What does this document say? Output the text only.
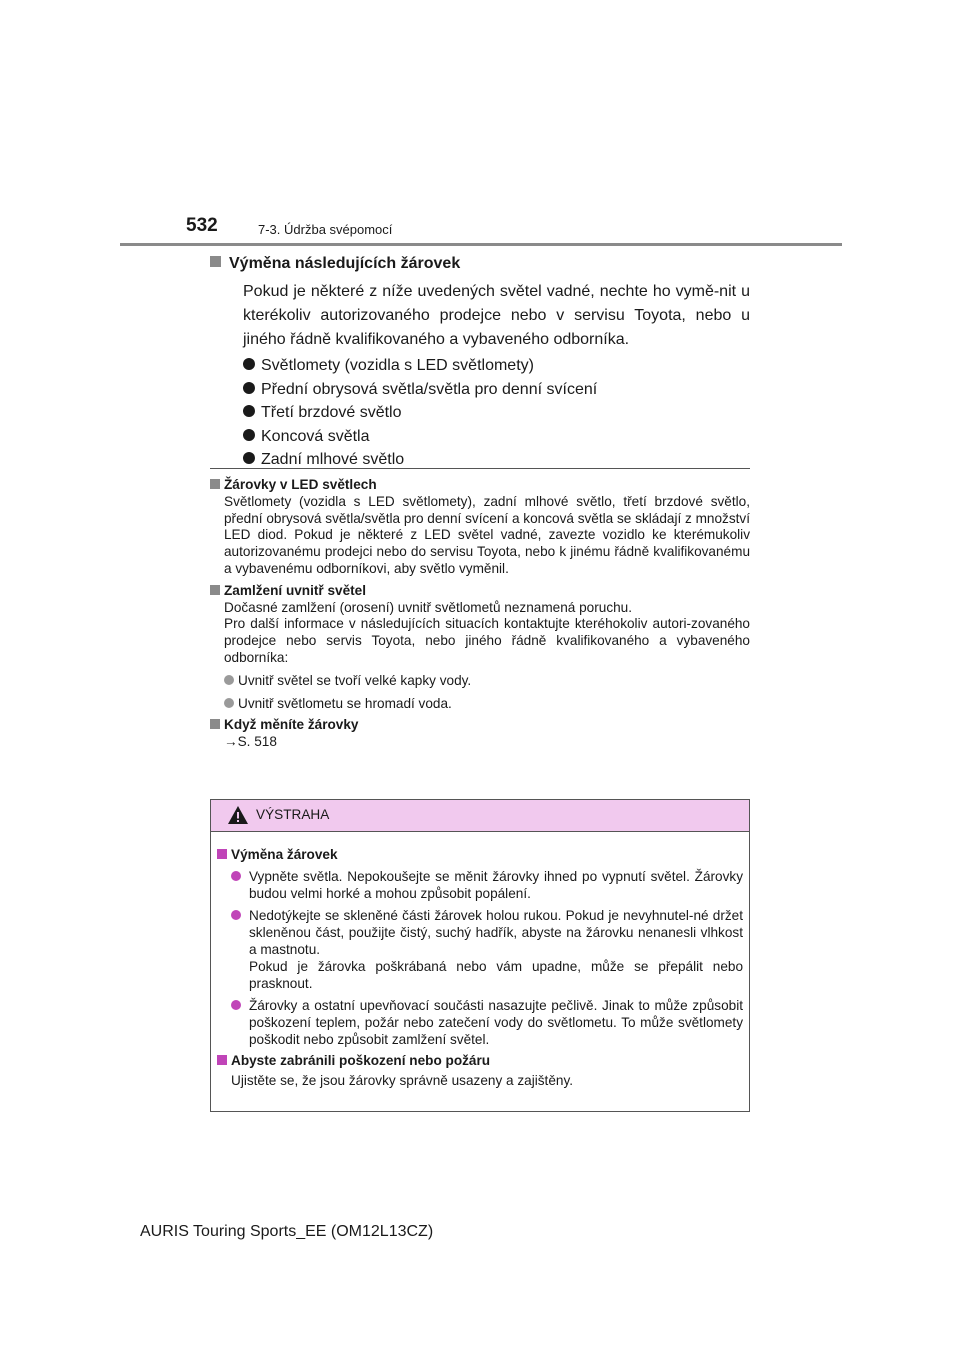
532	7-3. Údržba svépomocí
Výměna následujících žárovek
Pokud je některé z níže uvedených světel vadné, nechte ho vymě-nit u kterékoliv autorizovaného prodejce nebo v servisu Toyota, nebo u jiného řádně kvalifikovaného a vybaveného odborníka.
Světlomety (vozidla s LED světlomety)
Přední obrysová světla/světla pro denní svícení
Třetí brzdové světlo
Koncová světla
Zadní mlhové světlo
Žárovky v LED světlech
Světlomety (vozidla s LED světlomety), zadní mlhové světlo, třetí brzdové světlo, přední obrysová světla/světla pro denní svícení a koncová světla se skládají z množství LED diod. Pokud je některé z LED světel vadné, zavezte vozidlo ke kterémukoliv autorizovanému prodejci nebo do servisu Toyota, nebo k jinému řádně kvalifikovanému a vybavenému odborníkovi, aby světlo vyměnil.
Zamlžení uvnitř světel
Dočasné zamlžení (orosení) uvnitř světlometů neznamená poruchu.
Pro další informace v následujících situacích kontaktujte kteréhokoliv autori-zovaného prodejce nebo servis Toyota, nebo jiného řádně kvalifikovaného a vybaveného odborníka:
Uvnitř světel se tvoří velké kapky vody.
Uvnitř světlometu se hromadí voda.
Když měníte žárovky
→S. 518
VÝSTRAHA
Výměna žárovek
Vypněte světla. Nepokoušejte se měnit žárovky ihned po vypnutí světel. Žárovky budou velmi horké a mohou způsobit popálení.
Nedotýkejte se skleněné části žárovek holou rukou. Pokud je nevyhnutel-né držet skleněnou část, použijte čistý, suchý hadřík, abyste na žárovku nenanesli vlhkost a mastnotu.
Pokud je žárovka poškrábaná nebo vám upadne, může se přepálit nebo prasknout.
Žárovky a ostatní upevňovací součásti nasazujte pečlivě. Jinak to může způsobit poškození teplem, požár nebo zatečení vody do světlometu. To může světlomety poškodit nebo způsobit zamlžení světel.
Abyste zabránili poškození nebo požáru
Ujistěte se, že jsou žárovky správně usazeny a zajištěny.
AURIS Touring Sports_EE (OM12L13CZ)
